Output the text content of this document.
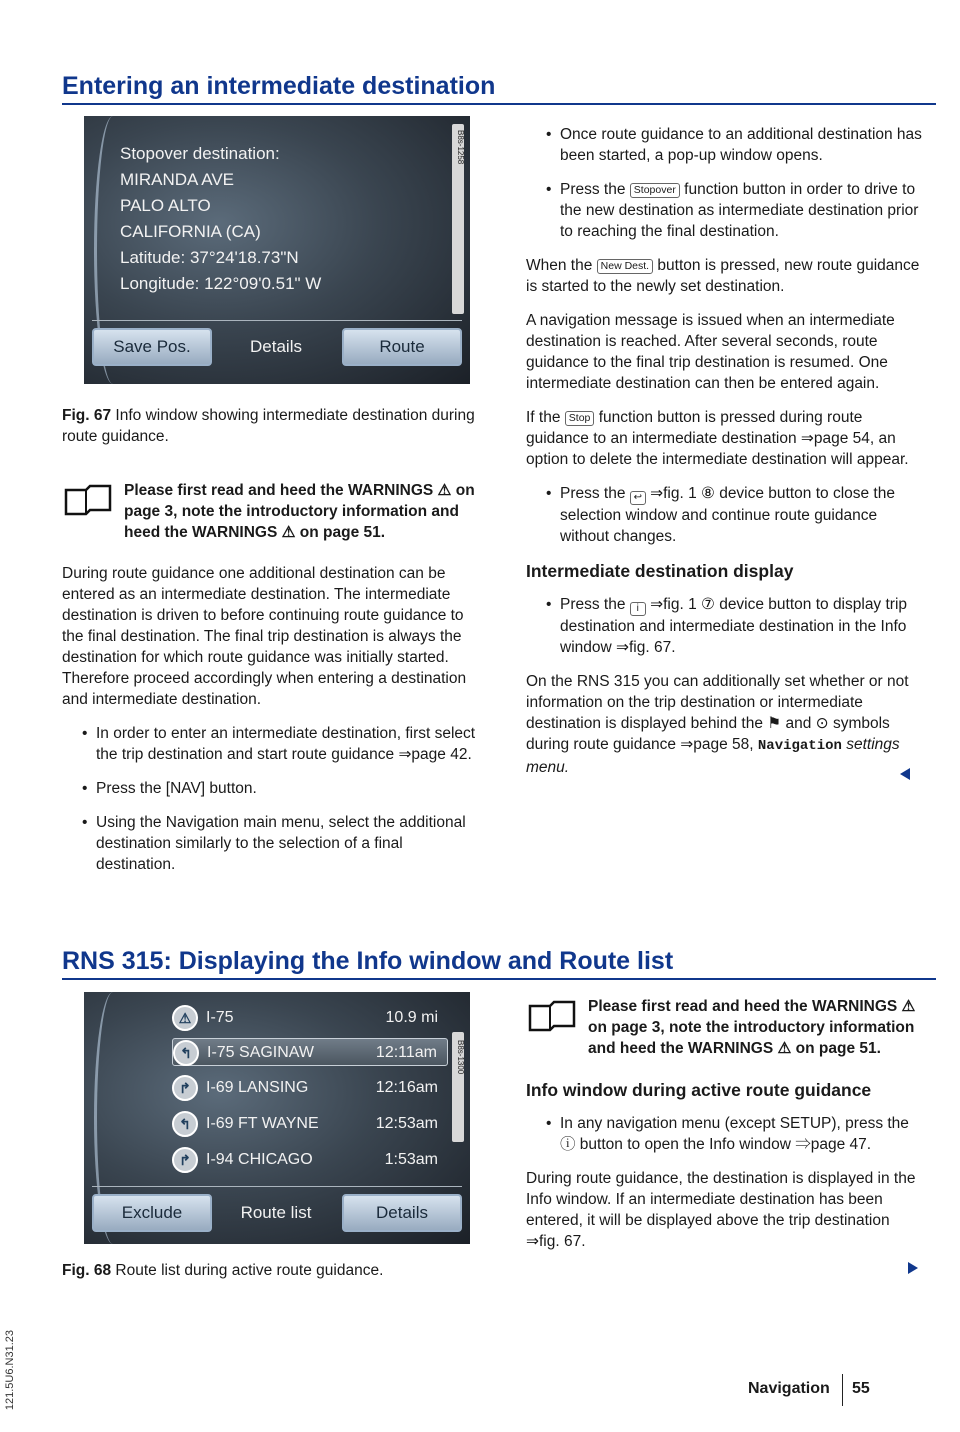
Entering an intermediate destination
Stopover destination:
MIRANDA AVE
PALO ALTO
CALIFORNIA (CA)
Latitude: 37°24'18.73"N
Longitude: 122°09'0.51" W
B8s-1258
Save Pos.	Details	Route
Fig. 67 Info window showing intermediate destination during route guidance.
Please first read and heed the WARNINGS ⚠ on page 3, note the introductory information and heed the WARNINGS ⚠ on page 51.

During route guidance one additional destination can be entered as an intermediate destination. The intermediate destination is driven to before continuing route guidance to the final destination. The final trip destination is always the destination for which route guidance was initially started. Therefore proceed accordingly when entering a destination and intermediate destination.

• In order to enter an intermediate destination, first select the trip destination and start route guidance ⇒page 42.

• Press the [NAV] button.

• Using the Navigation main menu, select the additional destination similarly to the selection of a final destination.

• Once route guidance to an additional destination has been started, a pop-up window opens.

• Press the Stopover function button in order to drive to the new destination as intermediate destination prior to reaching the final destination.

When the New Dest. button is pressed, new route guidance is started to the newly set destination.

A navigation message is issued when an intermediate destination is reached. After several seconds, route guidance to the final trip destination is resumed. One intermediate destination can then be entered again.

If the Stop function button is pressed during route guidance to an intermediate destination ⇒page 54, an option to delete the intermediate destination will appear.

• Press the ↩ ⇒fig. 1 ⑧ device button to close the selection window and continue route guidance without changes.

Intermediate destination display

• Press the i ⇒fig. 1 ⑦ device button to display trip destination and intermediate destination in the Info window ⇒fig. 67.

On the RNS 315 you can additionally set whether or not information on the trip destination or intermediate destination is displayed behind the ⚑ and ⊙ symbols during route guidance ⇒page 58, Navigation settings menu.

RNS 315: Displaying the Info window and Route list
⚠ I-75	10.9 mi
↰ I-75 SAGINAW	12:11am
↱ I-69 LANSING	12:16am
↰ I-69 FT WAYNE	12:53am
↱ I-94 CHICAGO	1:53am
B8s-1300
Exclude	Route list	Details
Fig. 68 Route list during active route guidance.
Please first read and heed the WARNINGS ⚠ on page 3, note the introductory information and heed the WARNINGS ⚠ on page 51.
Info window during active route guidance

• In any navigation menu (except SETUP), press the ⓘ button to open the Info window ⇒page 47.

During route guidance, the destination is displayed in the Info window. If an intermediate destination has been entered, it will be displayed above the trip destination ⇒fig. 67.

Navigation 55
121.5U6.N31.23
